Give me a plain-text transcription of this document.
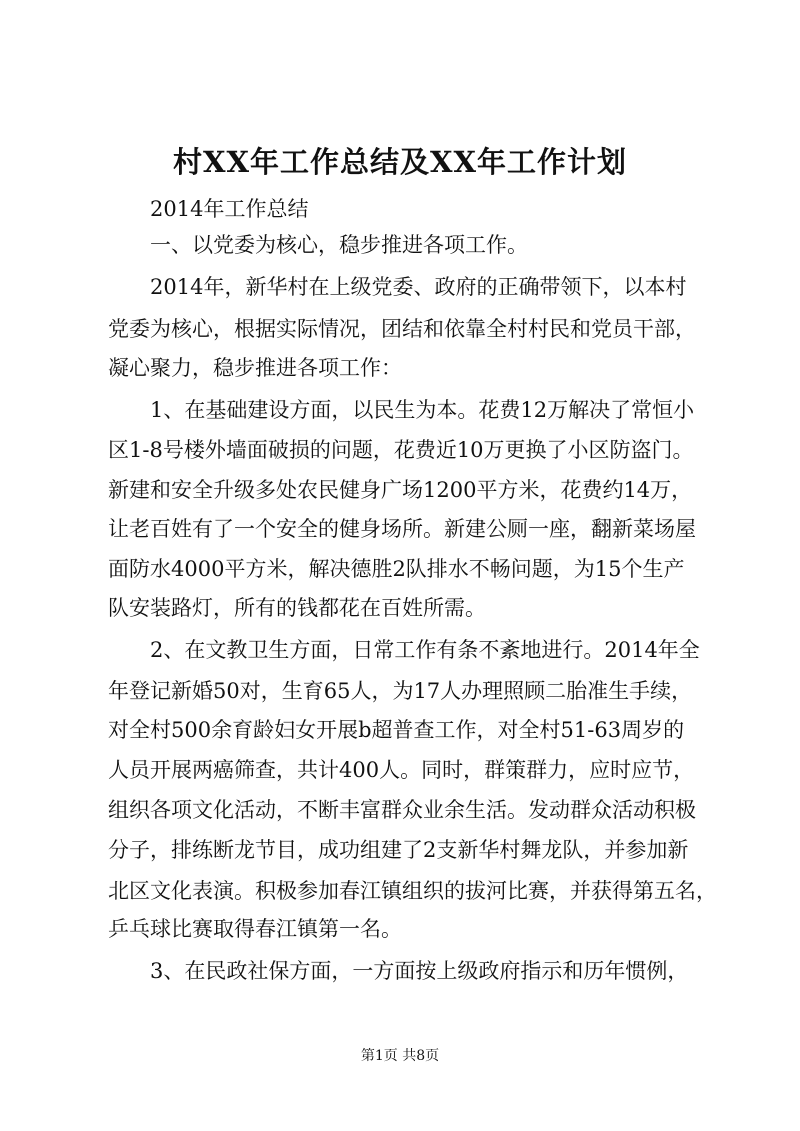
村XX年工作总结及XX年工作计划
2014年工作总结
一、以党委为核心，稳步推进各项工作。
2014年，新华村在上级党委、政府的正确带领下，以本村
党委为核心，根据实际情况，团结和依靠全村村民和党员干部，
凝心聚力，稳步推进各项工作：
1、在基础建设方面，以民生为本。花费12万解决了常恒小
区1-8号楼外墙面破损的问题，花费近10万更换了小区防盗门。
新建和安全升级多处农民健身广场1200平方米，花费约14万，
让老百姓有了一个安全的健身场所。新建公厕一座，翻新菜场屋
面防水4000平方米，解决德胜2队排水不畅问题，为15个生产
队安装路灯，所有的钱都花在百姓所需。
2、在文教卫生方面，日常工作有条不紊地进行。2014年全
年登记新婚50对，生育65人，为17人办理照顾二胎准生手续，
对全村500余育龄妇女开展b超普查工作，对全村51-63周岁的
人员开展两癌筛查，共计400人。同时，群策群力，应时应节，
组织各项文化活动，不断丰富群众业余生活。发动群众活动积极
分子，排练断龙节目，成功组建了2支新华村舞龙队，并参加新
北区文化表演。积极参加春江镇组织的拔河比赛，并获得第五名，
乒乓球比赛取得春江镇第一名。
3、在民政社保方面，一方面按上级政府指示和历年惯例，
第1页 共8页
